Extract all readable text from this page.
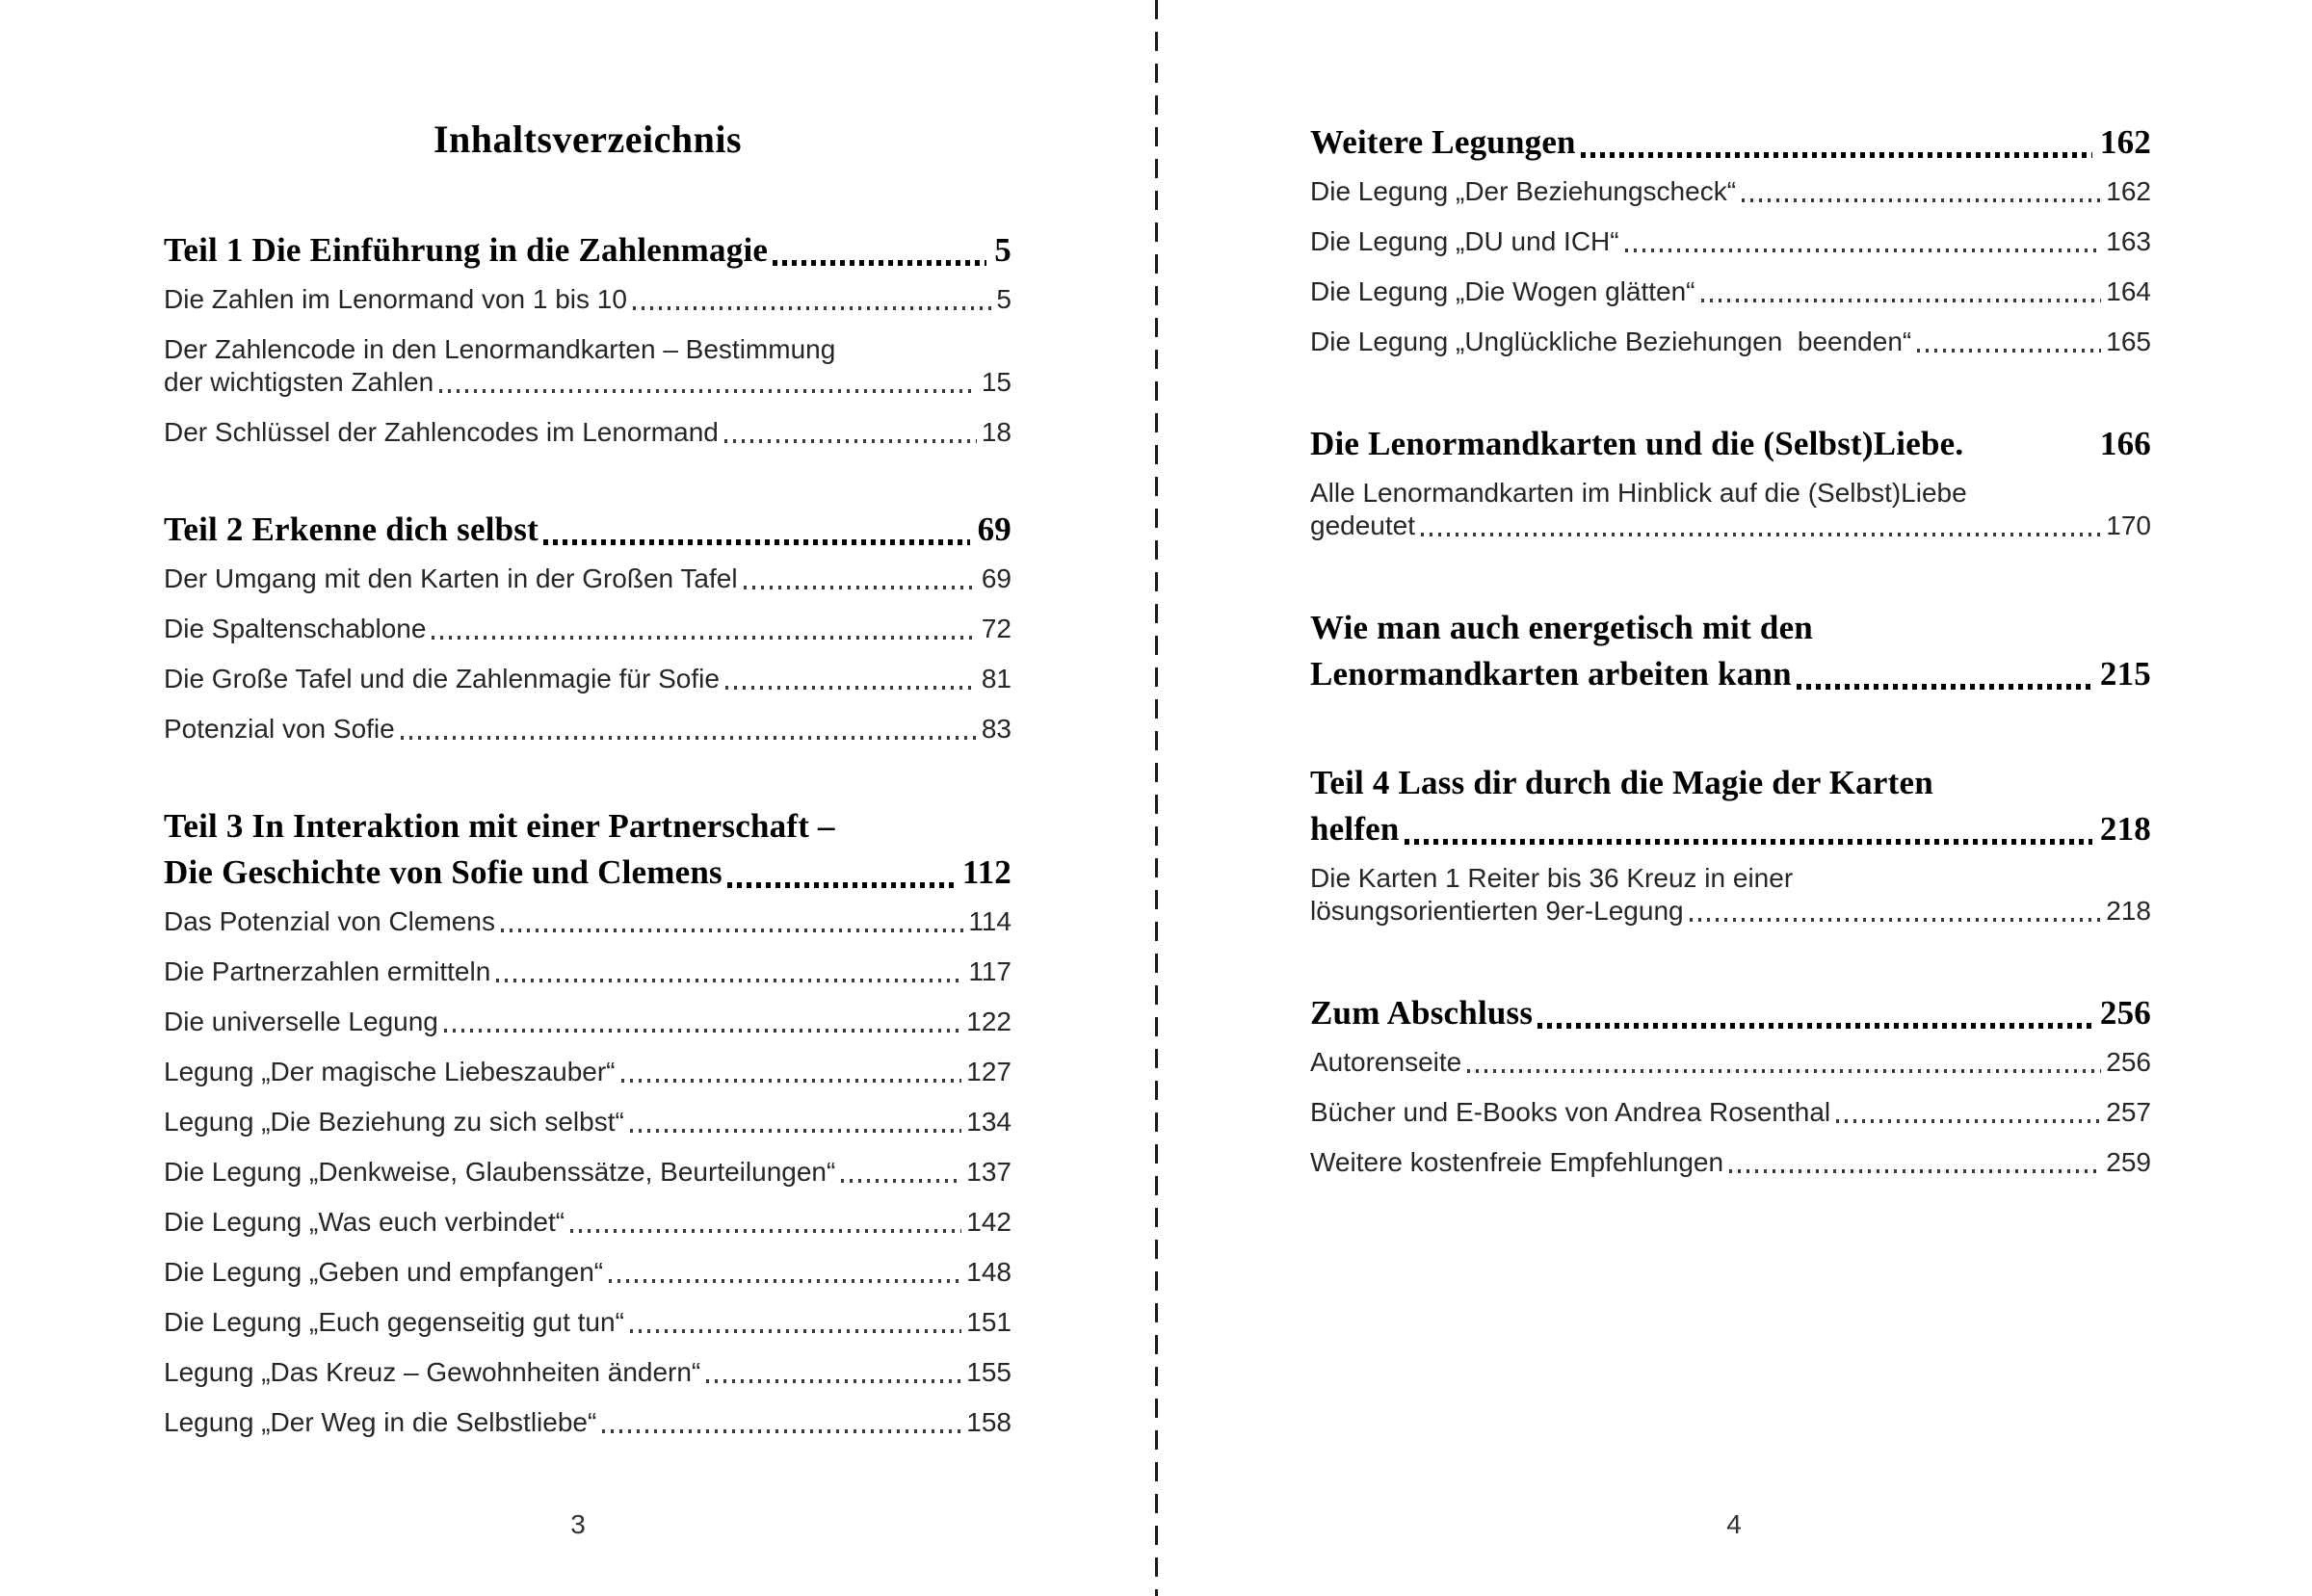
Inhaltsverzeichnis
Teil 1 Die Einführung in die Zahlenmagie	5
Die Zahlen im Lenormand von 1 bis 10	5
Der Zahlencode in den Lenormandkarten – Bestimmung
der wichtigsten Zahlen	15
Der Schlüssel der Zahlencodes im Lenormand	18
Teil 2 Erkenne dich selbst	69
Der Umgang mit den Karten in der Großen Tafel	69
Die Spaltenschablone	72
Die Große Tafel und die Zahlenmagie für Sofie	81
Potenzial von Sofie	83
Teil 3 In Interaktion mit einer Partnerschaft –
Die Geschichte von Sofie und Clemens	112
Das Potenzial von Clemens	114
Die Partnerzahlen ermitteln	117
Die universelle Legung	122
Legung „Der magische Liebeszauber“	127
Legung „Die Beziehung zu sich selbst“	134
Die Legung „Denkweise, Glaubenssätze, Beurteilungen“	137
Die Legung „Was euch verbindet“	142
Die Legung „Geben und empfangen“	148
Die Legung „Euch gegenseitig gut tun“	151
Legung „Das Kreuz – Gewohnheiten ändern“	155
Legung „Der Weg in die Selbstliebe“	158
3
Weitere Legungen	162
Die Legung „Der Beziehungscheck“	162
Die Legung „DU und ICH“	163
Die Legung „Die Wogen glätten“	164
Die Legung „Unglückliche Beziehungen  beenden“	165
Die Lenormandkarten und die (Selbst)Liebe.	166
Alle Lenormandkarten im Hinblick auf die (Selbst)Liebe
gedeutet	170
Wie man auch energetisch mit den
Lenormandkarten arbeiten kann	215
Teil 4 Lass dir durch die Magie der Karten
helfen	218
Die Karten 1 Reiter bis 36 Kreuz in einer
lösungsorientierten 9er-Legung	218
Zum Abschluss	256
Autorenseite	256
Bücher und E-Books von Andrea Rosenthal	257
Weitere kostenfreie Empfehlungen	259
4
